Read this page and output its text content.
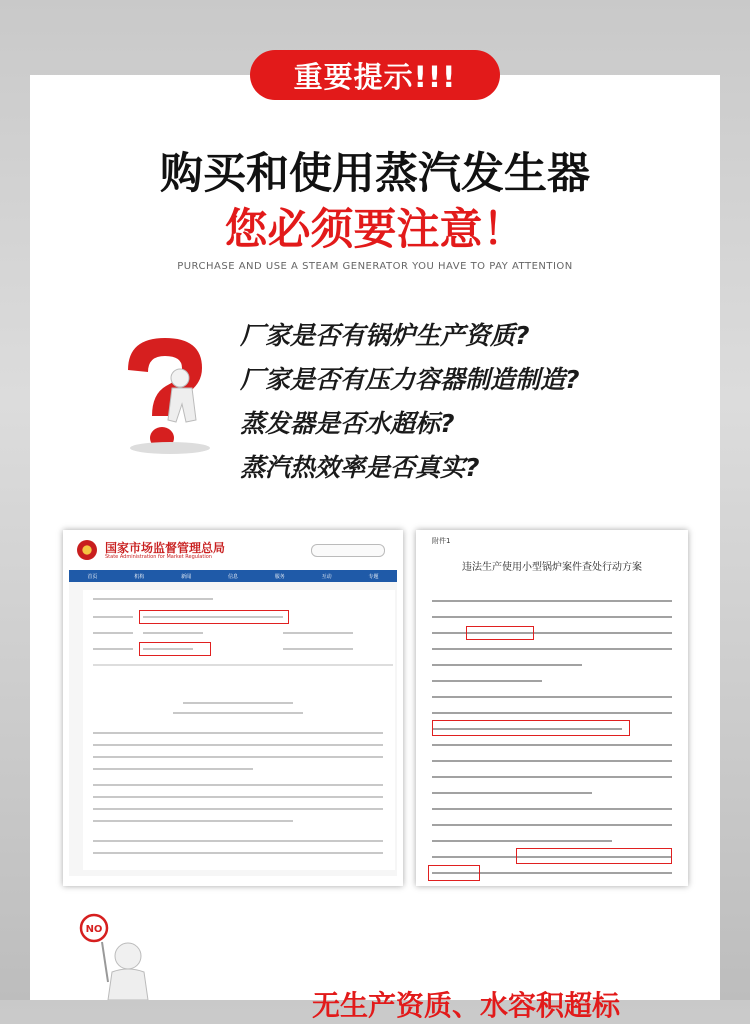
重要提示!!!
购买和使用蒸汽发生器
您必须要注意！
PURCHASE AND USE A STEAM GENERATOR YOU HAVE TO PAY ATTENTION
厂家是否有锅炉生产资质?
厂家是否有压力容器制造制造?
蒸发器是否水超标?
蒸汽热效率是否真实?
国家市场监督管理总局
State Administration for Market Regulation
首页	机构	新闻	信息	服务	互动	专题
附件1
违法生产使用小型锅炉案件查处行动方案
NO
无生产资质、水容积超标
